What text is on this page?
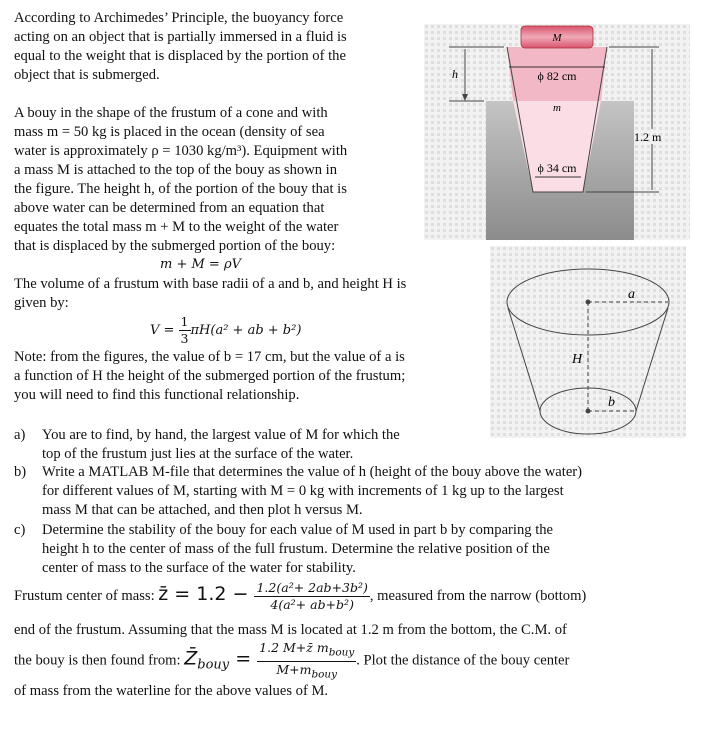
According to Archimedes’ Principle, the buoyancy force
acting on an object that is partially immersed in a fluid is
equal to the weight that is displaced by the portion of the
object that is submerged.
A bouy in the shape of the frustum of a cone and with
mass m = 50 kg is placed in the ocean (density of sea
water is approximately ρ = 1030 kg/m³). Equipment with
a mass M is attached to the top of the bouy as shown in
the figure. The height h, of the portion of the bouy that is
above water can be determined from an equation that
equates the total mass m + M to the weight of the water
that is displaced by the submerged portion of the bouy:
m + M = ρV
The volume of a frustum with base radii of a and b, and height H is
given by:
$V = \frac{1}{3} \pi H(a^2$ + ab + b²)
Note: from the figures, the value of b = 17 cm, but the value of a is
a function of H the height of the submerged portion of the frustum;
you will need to find this functional relationship.
a) You are to find, by hand, the largest value of M for which the
top of the frustum just lies at the surface of the water.
b) Write a MATLAB M-file that determines the value of h (height of the bouy above the water)
for different values of M, starting with M = 0 kg with increments of 1 kg up to the largest
mass M that can be attached, and then plot h versus M.
c) Determine the stability of the bouy for each value of M used in part b by comparing the
height h to the center of mass of the full frustum. Determine the relative position of the
center of mass to the surface of the water for stability.
Frustum center of mass: z̄ = $1.2 - \frac{\text{1.2(a²+ 2ab+3b²)}}{\text{4(a²+ ab+b²)}}$ , measured from the narrow (bottom)
end of the frustum. Assuming that the mass M is located at 1.2 m from the bottom, the C.M. of
the bouy is then found from: $Z̄_{bouy} = \frac{1.2 M+z̄ m_{bouy}}{M+m_{bouy}}$ . Plot the distance of the bouy center
of mass from the waterline for the above values of M.
M
m
ϕ 82 cm
ϕ 34 cm
h
1.2 m
a
H
b
